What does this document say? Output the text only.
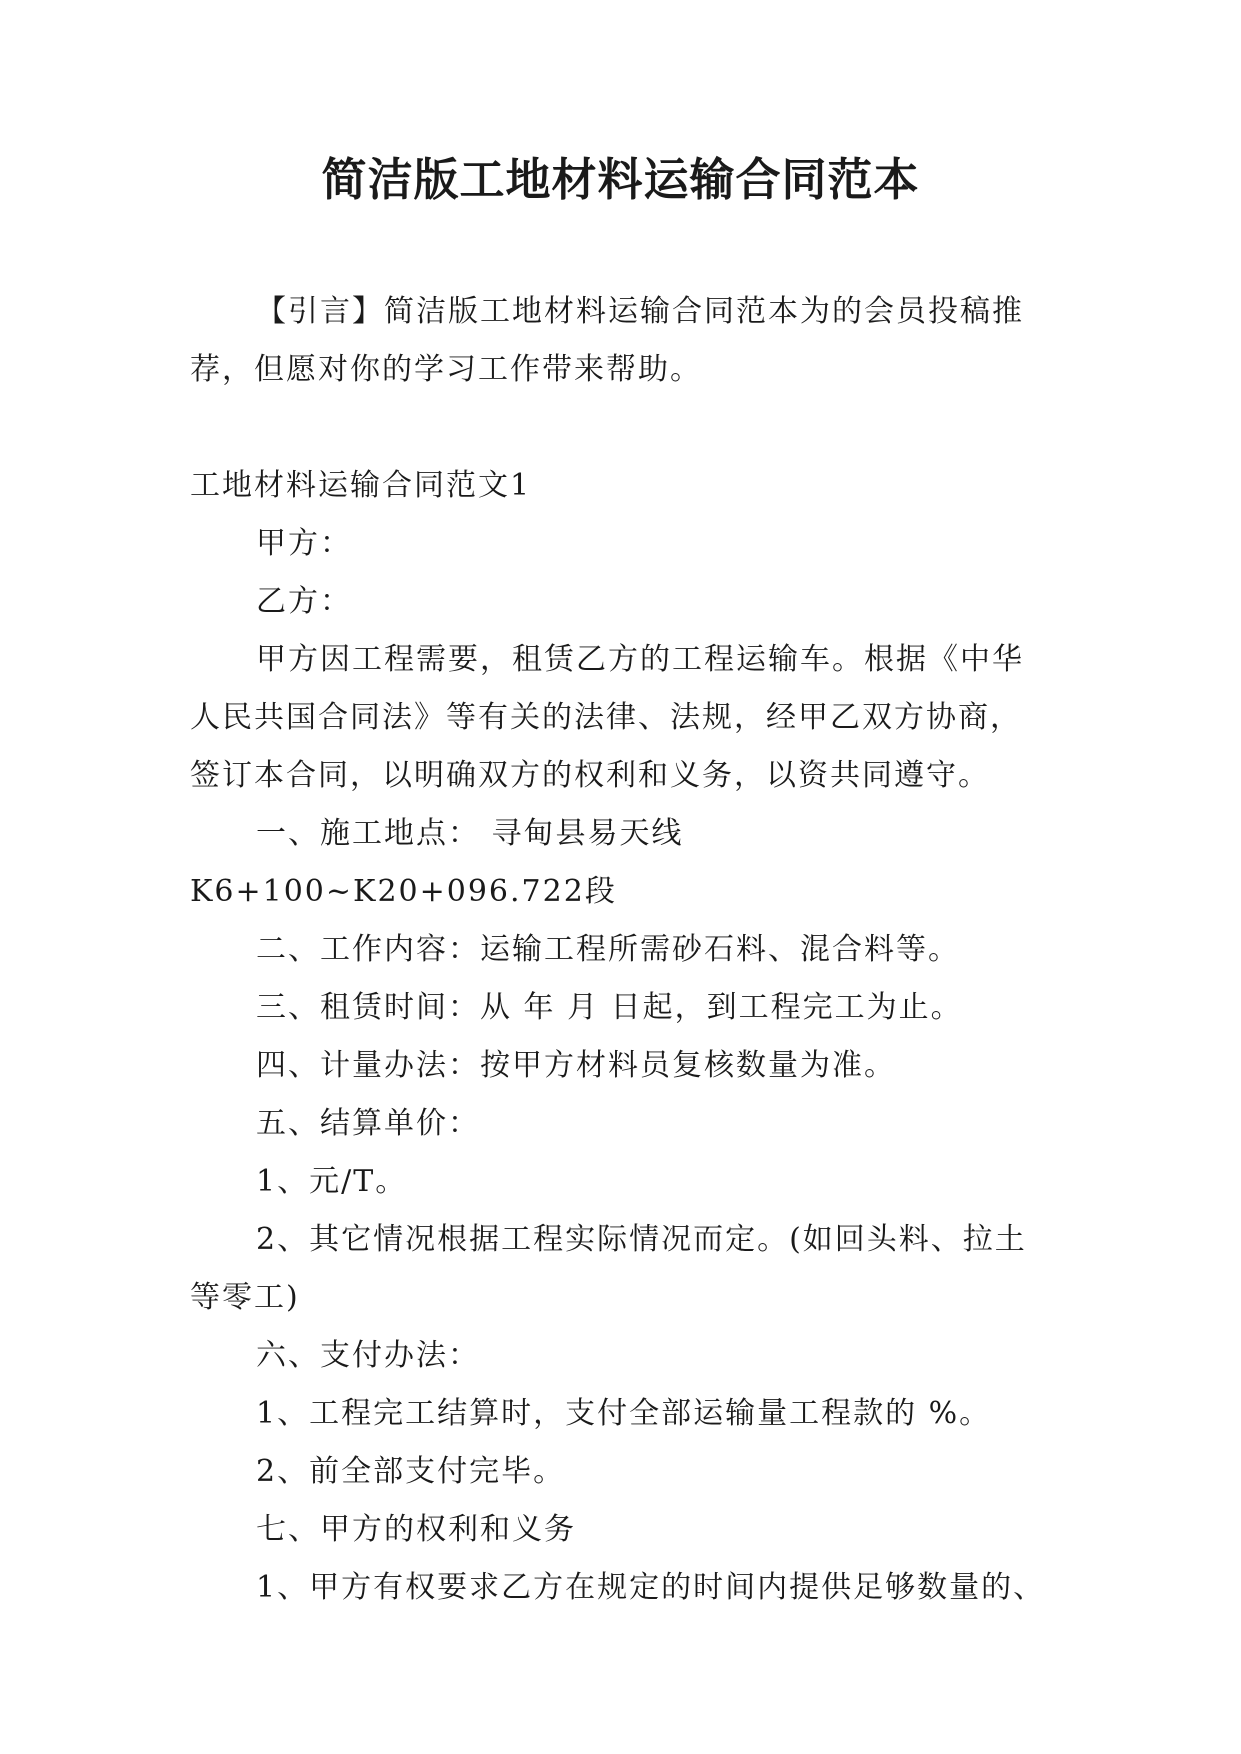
简洁版工地材料运输合同范本

【引言】简洁版工地材料运输合同范本为的会员投稿推荐，但愿对你的学习工作带来帮助。

工地材料运输合同范文1

甲方：

乙方：

甲方因工程需要，租赁乙方的工程运输车。根据《中华人民共国合同法》等有关的法律、法规，经甲乙双方协商，签订本合同，以明确双方的权利和义务，以资共同遵守。

一、施工地点： 寻甸县易天线K6+100~K20+096.722段

二、工作内容：运输工程所需砂石料、混合料等。

三、租赁时间：从 年 月 日起，到工程完工为止。

四、计量办法：按甲方材料员复核数量为准。

五、结算单价：

1、元/T。

2、其它情况根据工程实际情况而定。(如回头料、拉土等零工)

六、支付办法：

1、工程完工结算时，支付全部运输量工程款的 %。

2、前全部支付完毕。

七、甲方的权利和义务

1、甲方有权要求乙方在规定的时间内提供足够数量的、
